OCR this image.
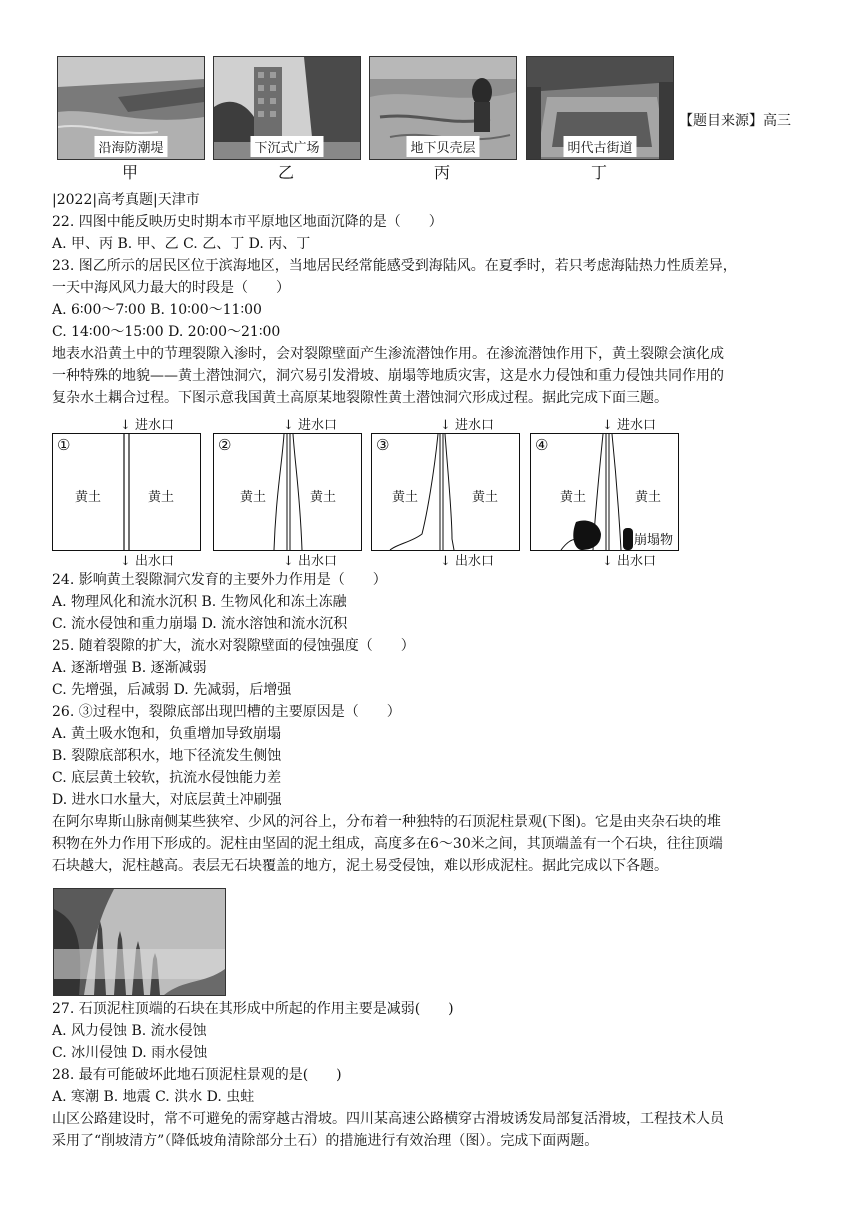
沿海防潮堤	下沉式广场	地下贝壳层	明代古街道
甲	乙	丙	丁
【题目来源】高三
|2022|高考真题|天津市
22. 四图中能反映历史时期本市平原地区地面沉降的是（　　）
A. 甲、丙 B. 甲、乙 C. 乙、丁 D. 丙、丁
23. 图乙所示的居民区位于滨海地区，当地居民经常能感受到海陆风。在夏季时，若只考虑海陆热力性质差异，
一天中海风风力最大的时段是（　　）
A. 6∶00～7∶00 B. 10∶00～11∶00
C. 14∶00～15∶00 D. 20∶00～21∶00
地表水沿黄土中的节理裂隙入渗时，会对裂隙壁面产生渗流潜蚀作用。在渗流潜蚀作用下，黄土裂隙会演化成
一种特殊的地貌——黄土潜蚀洞穴，洞穴易引发滑坡、崩塌等地质灾害，这是水力侵蚀和重力侵蚀共同作用的
复杂水土耦合过程。下图示意我国黄土高原某地裂隙性黄土潜蚀洞穴形成过程。据此完成下面三题。
↓ 进水口
①
黄土	黄土
↓ 出水口
↓ 进水口
②
黄土	黄土
↓ 出水口
↓ 进水口
③
黄土	黄土
↓ 出水口
↓ 进水口
④
黄土	黄土
崩塌物
↓ 出水口
24. 影响黄土裂隙洞穴发育的主要外力作用是（　　）
A. 物理风化和流水沉积 B. 生物风化和冻土冻融
C. 流水侵蚀和重力崩塌 D. 流水溶蚀和流水沉积
25. 随着裂隙的扩大，流水对裂隙壁面的侵蚀强度（　　）
A. 逐渐增强 B. 逐渐减弱
C. 先增强，后减弱 D. 先减弱，后增强
26. ③过程中，裂隙底部出现凹槽的主要原因是（　　）
A. 黄土吸水饱和，负重增加导致崩塌
B. 裂隙底部积水，地下径流发生侧蚀
C. 底层黄土较软，抗流水侵蚀能力差
D. 进水口水量大，对底层黄土冲刷强
在阿尔卑斯山脉南侧某些狭窄、少风的河谷上，分布着一种独特的石顶泥柱景观(下图)。它是由夹杂石块的堆
积物在外力作用下形成的。泥柱由坚固的泥土组成，高度多在6～30米之间，其顶端盖有一个石块，往往顶端
石块越大，泥柱越高。表层无石块覆盖的地方，泥土易受侵蚀，难以形成泥柱。据此完成以下各题。
27. 石顶泥柱顶端的石块在其形成中所起的作用主要是减弱(　　)
A. 风力侵蚀 B. 流水侵蚀
C. 冰川侵蚀 D. 雨水侵蚀
28. 最有可能破坏此地石顶泥柱景观的是(　　)
A. 寒潮 B. 地震 C. 洪水 D. 虫蛀
山区公路建设时，常不可避免的需穿越古滑坡。四川某高速公路横穿古滑坡诱发局部复活滑坡，工程技术人员
采用了“削坡清方”（降低坡角清除部分土石）的措施进行有效治理（图）。完成下面两题。
